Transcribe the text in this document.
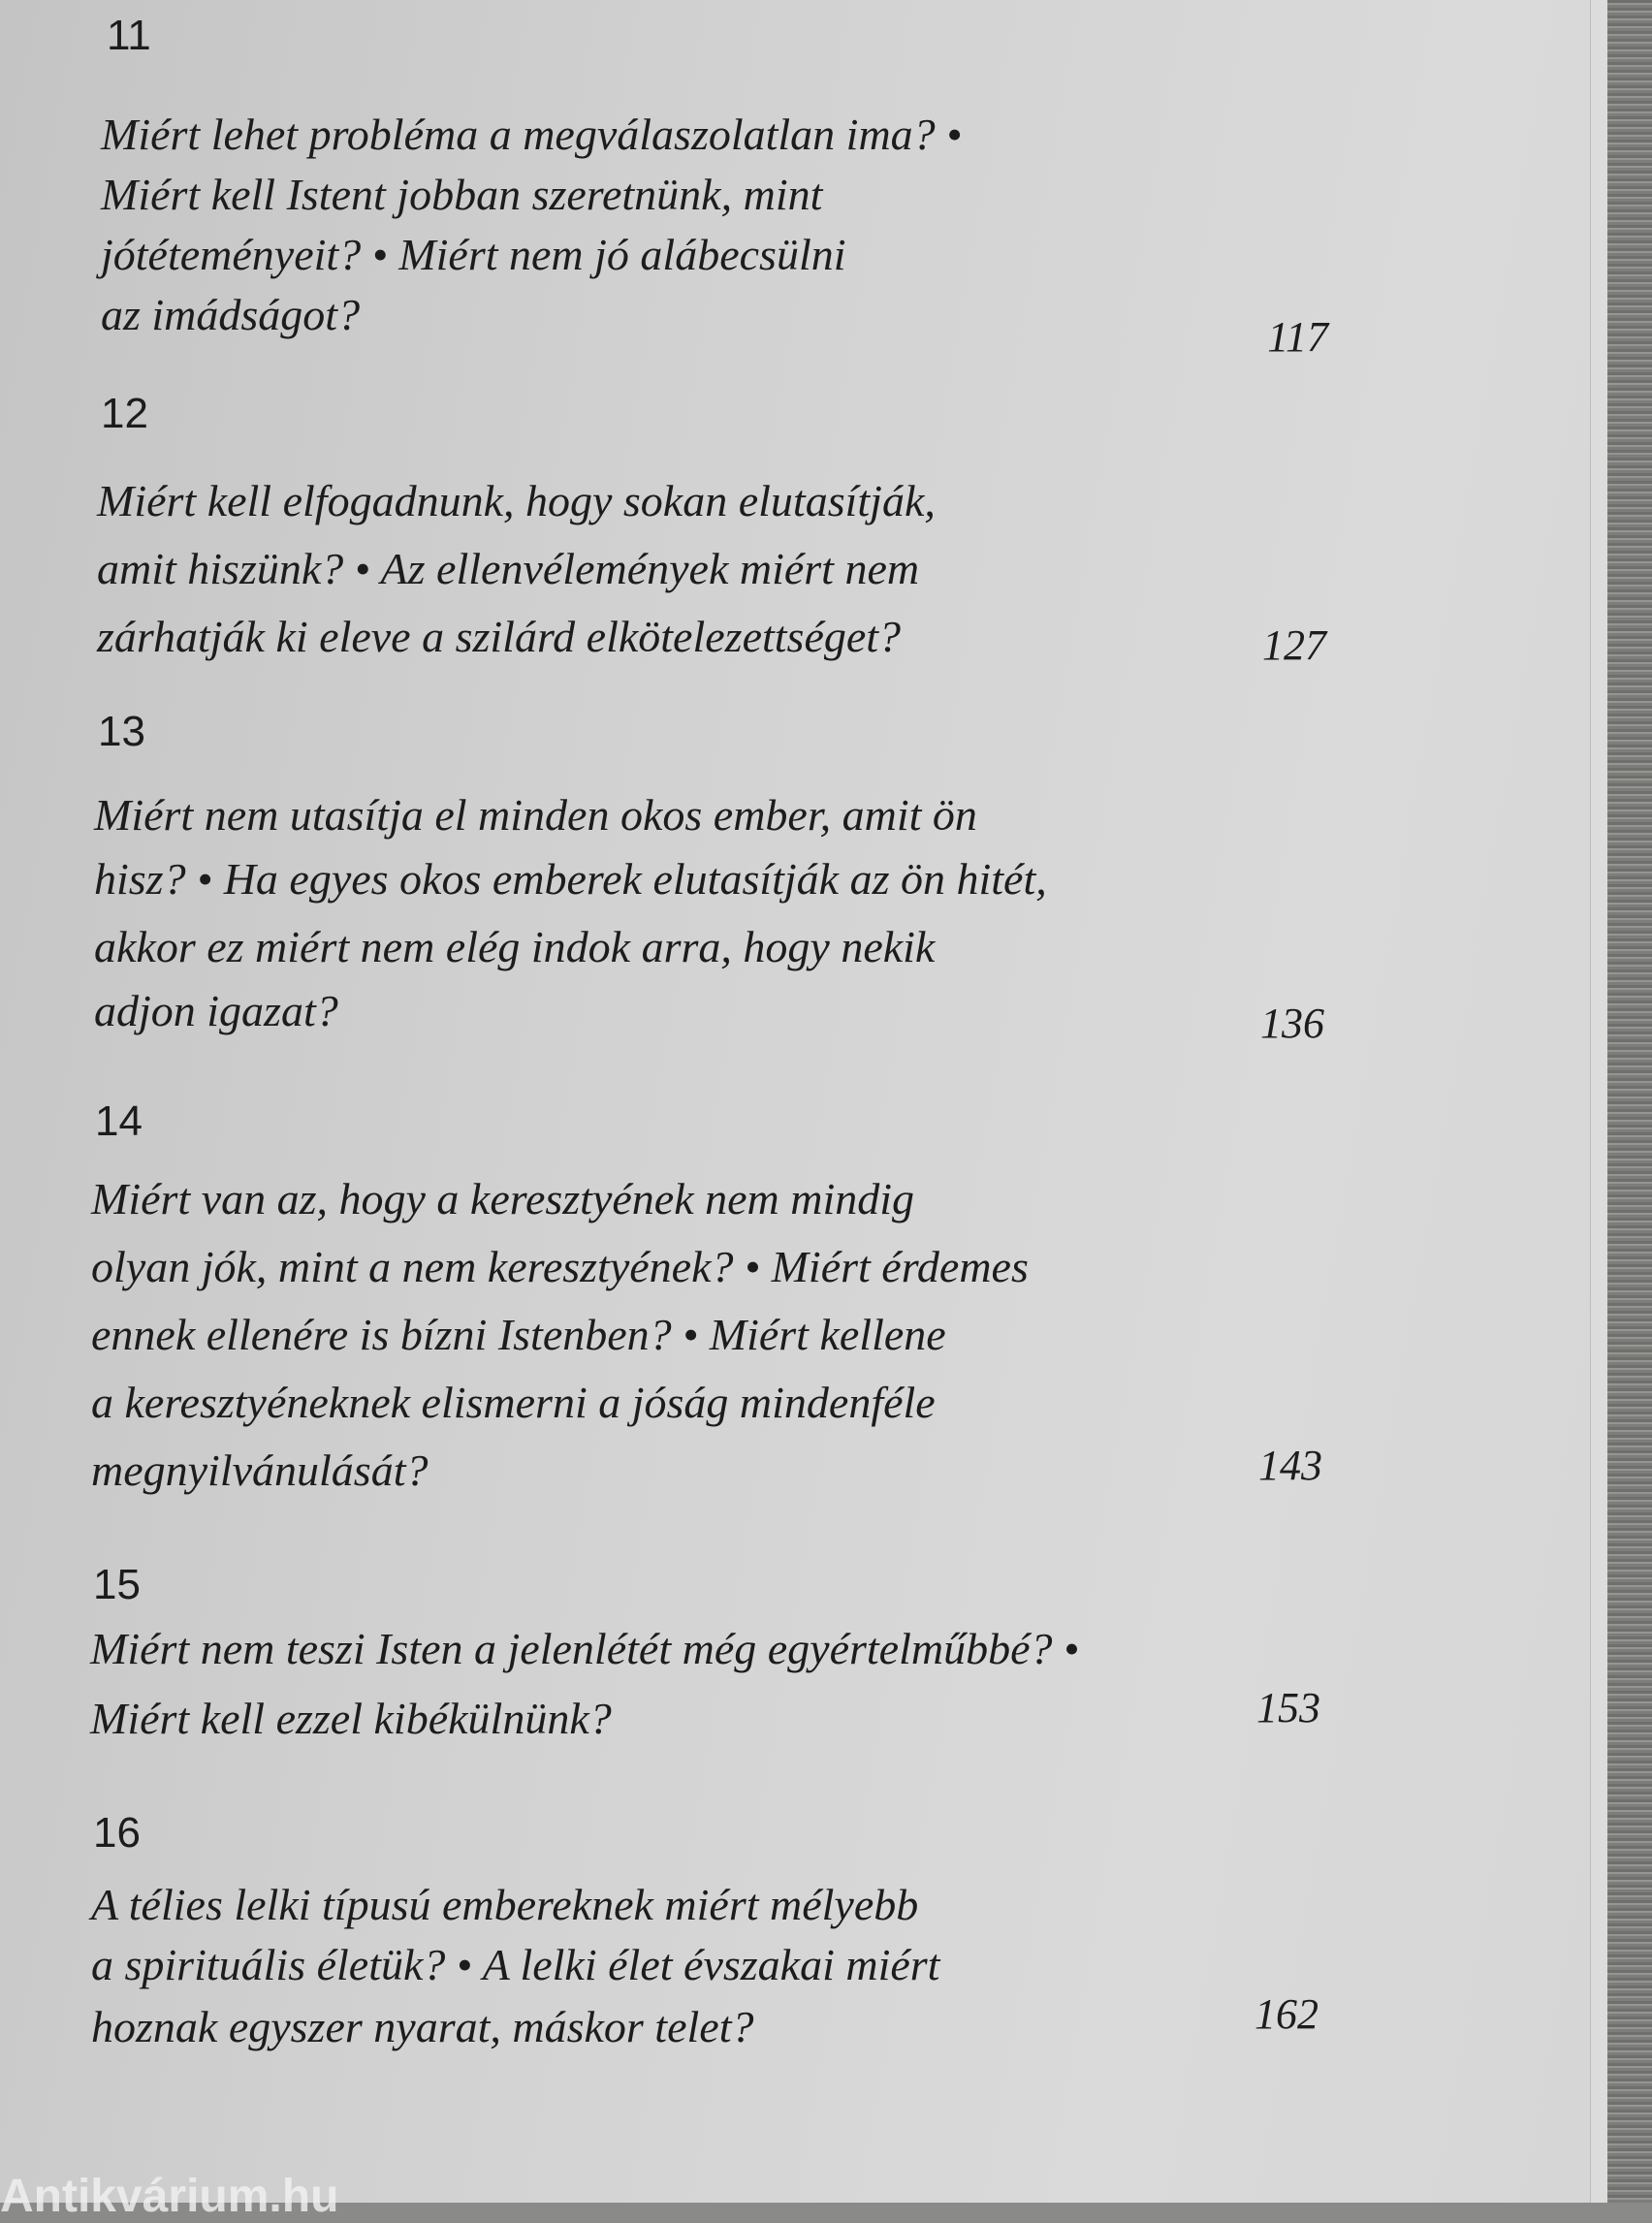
11
Miért lehet probléma a megválaszolatlan ima? •
Miért kell Istent jobban szeretnünk, mint
jótéteményeit? • Miért nem jó alábecsülni
az imádságot?	117
12
Miért kell elfogadnunk, hogy sokan elutasítják,
amit hiszünk? • Az ellenvélemények miért nem
zárhatják ki eleve a szilárd elkötelezettséget?	127
13
Miért nem utasítja el minden okos ember, amit ön
hisz? • Ha egyes okos emberek elutasítják az ön hitét,
akkor ez miért nem elég indok arra, hogy nekik
adjon igazat?	136
14
Miért van az, hogy a keresztyének nem mindig
olyan jók, mint a nem keresztyének? • Miért érdemes
ennek ellenére is bízni Istenben? • Miért kellene
a keresztyéneknek elismerni a jóság mindenféle
megnyilvánulását?	143
15
Miért nem teszi Isten a jelenlétét még egyértelműbbé? •
Miért kell ezzel kibékülnünk?	153
16
A télies lelki típusú embereknek miért mélyebb
a spirituális életük? • A lelki élet évszakai miért
hoznak egyszer nyarat, máskor telet?	162
Antikvárium.hu
